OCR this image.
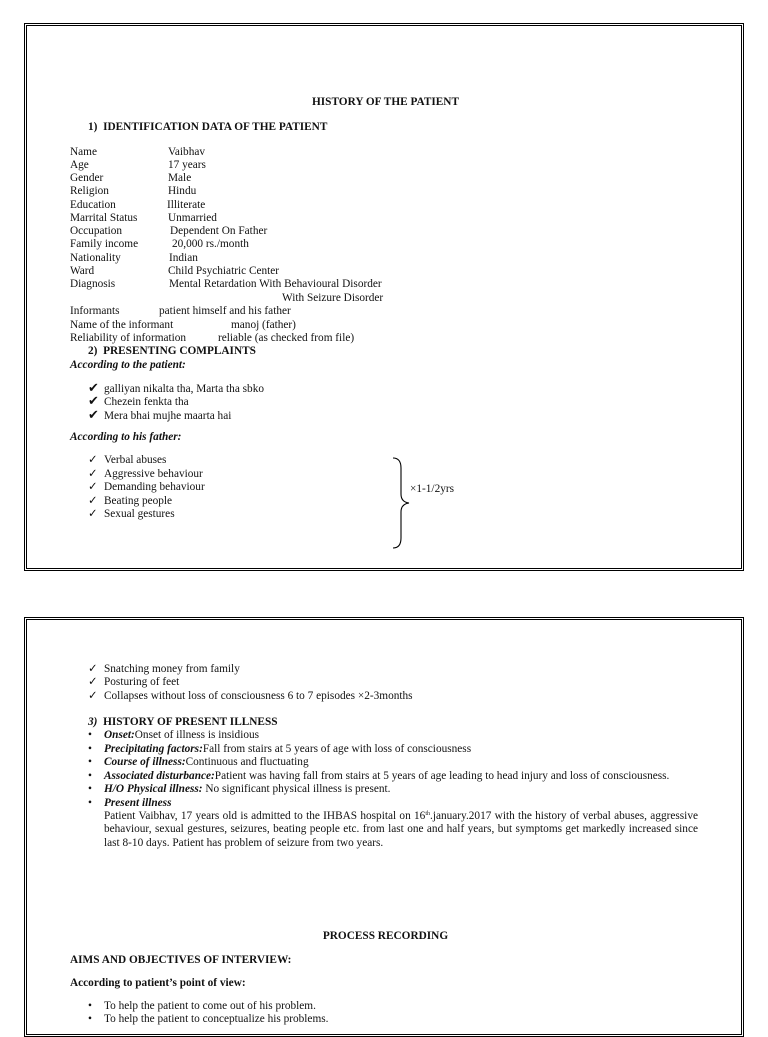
HISTORY OF THE PATIENT
1) IDENTIFICATION DATA OF THE PATIENT
Name	Vaibhav
Age	17 years
Gender	Male
Religion	Hindu
Education	Illiterate
Marrital Status	Unmarried
Occupation	Dependent On Father
Family income	20,000 rs./month
Nationality	Indian
Ward	Child Psychiatric Center
Diagnosis	Mental Retardation With Behavioural Disorder
With Seizure Disorder
Informants	patient himself and his father
Name of the informant	manoj (father)
Reliability of information	reliable (as checked from file)
2) PRESENTING COMPLAINTS
According to the patient:
✔ galliyan nikalta tha, Marta tha sbko
✔ Chezein fenkta tha
✔ Mera bhai mujhe maarta hai
According to his father:
✓ Verbal abuses
✓ Aggressive behaviour
✓ Demanding behaviour
✓ Beating people
✓ Sexual gestures
×1-1/2yrs
✓ Snatching money from family
✓ Posturing of feet
✓ Collapses without loss of consciousness 6 to 7 episodes ×2-3months
3) HISTORY OF PRESENT ILLNESS
• Onset:Onset of illness is insidious
• Precipitating factors:Fall from stairs at 5 years of age with loss of consciousness
• Course of illness:Continuous and fluctuating
• Associated disturbance:Patient was having fall from stairs at 5 years of age leading to head injury and loss of consciousness.
• H/O Physical illness: No significant physical illness is present.
• Present illness
Patient Vaibhav, 17 years old is admitted to the IHBAS hospital on 16th.january.2017 with the history of verbal abuses, aggressive behaviour, sexual gestures, seizures, beating people etc. from last one and half years, but symptoms get markedly increased since last 8-10 days. Patient has problem of seizure from two years.
PROCESS RECORDING
AIMS AND OBJECTIVES OF INTERVIEW:
According to patient’s point of view:
• To help the patient to come out of his problem.
• To help the patient to conceptualize his problems.
